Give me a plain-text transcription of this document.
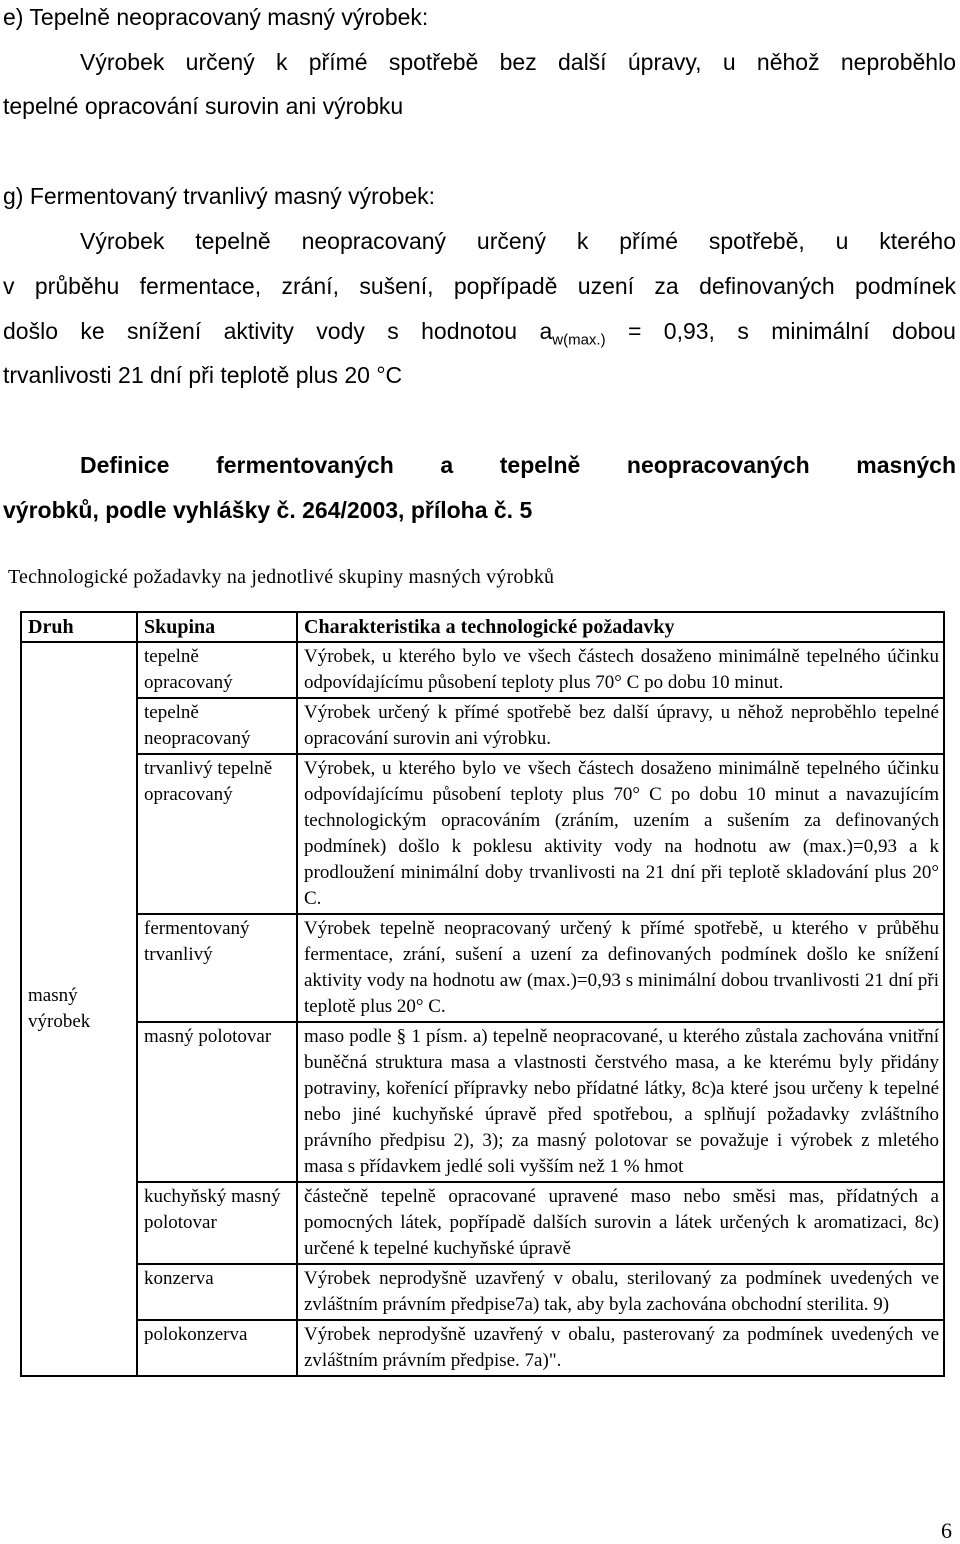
e) Tepelně neopracovaný masný výrobek:
Výrobek určený k přímé spotřebě bez další úpravy, u něhož neproběhlo
tepelné opracování surovin ani výrobku
g) Fermentovaný trvanlivý masný výrobek:
Výrobek tepelně neopracovaný určený k přímé spotřebě, u kterého
v průběhu fermentace, zrání, sušení, popřípadě uzení za definovaných podmínek
došlo ke snížení aktivity vody s hodnotou $a_{w(max.)} = 0,93$, s minimální dobou
trvanlivosti 21 dní při teplotě plus 20 °C
Definice fermentovaných a tepelně neopracovaných masných
výrobků, podle vyhlášky č. 264/2003, příloha č. 5
Technologické požadavky na jednotlivé skupiny masných výrobků
Druh	Skupina	Charakteristika a technologické požadavky
masný výrobek	tepelně opracovaný	Výrobek, u kterého bylo ve všech částech dosaženo minimálně tepelného účinku odpovídajícímu působení teploty plus 70° C po dobu 10 minut.
	tepelně neopracovaný	Výrobek určený k přímé spotřebě bez další úpravy, u něhož neproběhlo tepelné opracování surovin ani výrobku.
	trvanlivý tepelně opracovaný	Výrobek, u kterého bylo ve všech částech dosaženo minimálně tepelného účinku odpovídajícímu působení teploty plus 70° C po dobu 10 minut a navazujícím technologickým opracováním (zráním, uzením a sušením za definovaných podmínek) došlo k poklesu aktivity vody na hodnotu aw (max.)=0,93 a k prodloužení minimální doby trvanlivosti na 21 dní při teplotě skladování plus 20° C.
	fermentovaný trvanlivý	Výrobek tepelně neopracovaný určený k přímé spotřebě, u kterého v průběhu fermentace, zrání, sušení a uzení za definovaných podmínek došlo ke snížení aktivity vody na hodnotu aw (max.)=0,93 s minimální dobou trvanlivosti 21 dní při teplotě plus 20° C.
	masný polotovar	maso podle § 1 písm. a) tepelně neopracované, u kterého zůstala zachována vnitřní buněčná struktura masa a vlastnosti čerstvého masa, a ke kterému byly přidány potraviny, kořenící přípravky nebo přídatné látky, 8c)a které jsou určeny k tepelné nebo jiné kuchyňské úpravě před spotřebou, a splňují požadavky zvláštního právního předpisu 2), 3); za masný polotovar se považuje i výrobek z mletého masa s přídavkem jedlé soli vyšším než 1 % hmot
	kuchyňský masný polotovar	částečně tepelně opracované upravené maso nebo směsi mas, přídatných a pomocných látek, popřípadě dalších surovin a látek určených k aromatizaci, 8c) určené k tepelné kuchyňské úpravě
	konzerva	Výrobek neprodyšně uzavřený v obalu, sterilovaný za podmínek uvedených ve zvláštním právním předpise7a) tak, aby byla zachována obchodní sterilita. 9)
	polokonzerva	Výrobek neprodyšně uzavřený v obalu, pasterovaný za podmínek uvedených ve zvláštním právním předpise. 7a)".
6
